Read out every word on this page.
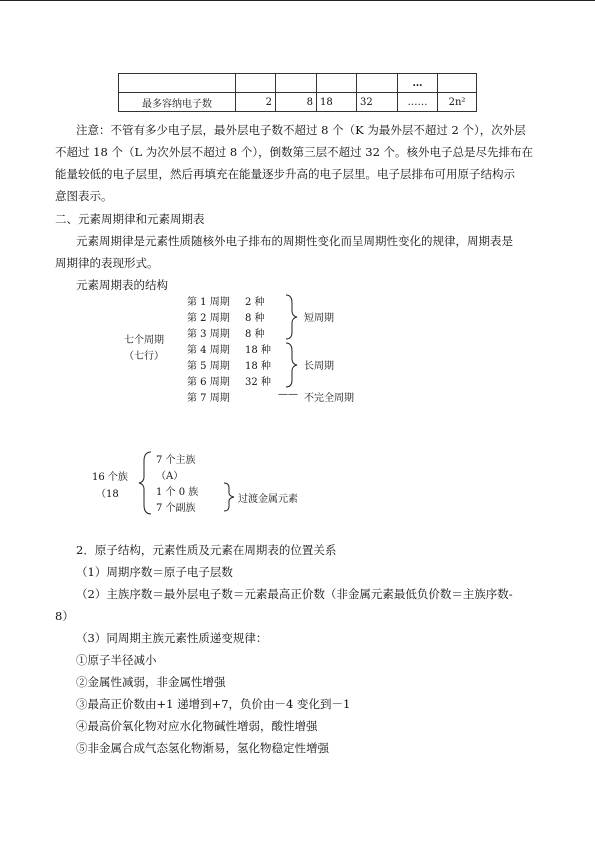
					…	
最多容纳电子数	2	8	18	32	……	2n²
注意：不管有多少电子层，最外层电子数不超过 8 个（K 为最外层不超过 2 个），次外层
不超过 18 个（L 为次外层不超过 8 个），倒数第三层不超过 32 个。核外电子总是尽先排布在
能量较低的电子层里，然后再填充在能量逐步升高的电子层里。电子层排布可用原子结构示
意图表示。
二、元素周期律和元素周期表
元素周期律是元素性质随核外电子排布的周期性变化而呈周期性变化的规律，周期表是
周期律的表现形式。
元素周期表的结构
七个周期
（七行）
第 1 周期 2 种
第 2 周期 8 种
第 3 周期 8 种
第 4 周期 18 种
第 5 周期 18 种
第 6 周期 32 种
第 7 周期
短周期
长周期
—— 不完全周期
16 个族
（18
7 个主族
（A）
1 个 0 族
7 个副族
过渡金属元素
2．原子结构，元素性质及元素在周期表的位置关系
（1）周期序数＝原子电子层数
（2）主族序数＝最外层电子数＝元素最高正价数（非金属元素最低负价数＝主族序数-
8）
（3）同周期主族元素性质递变规律：
①原子半径减小
②金属性减弱，非金属性增强
③最高正价数由+1 递增到+7，负价由－4 变化到－1
④最高价氧化物对应水化物碱性增弱，酸性增强
⑤非金属合成气态氢化物渐易，氢化物稳定性增强
